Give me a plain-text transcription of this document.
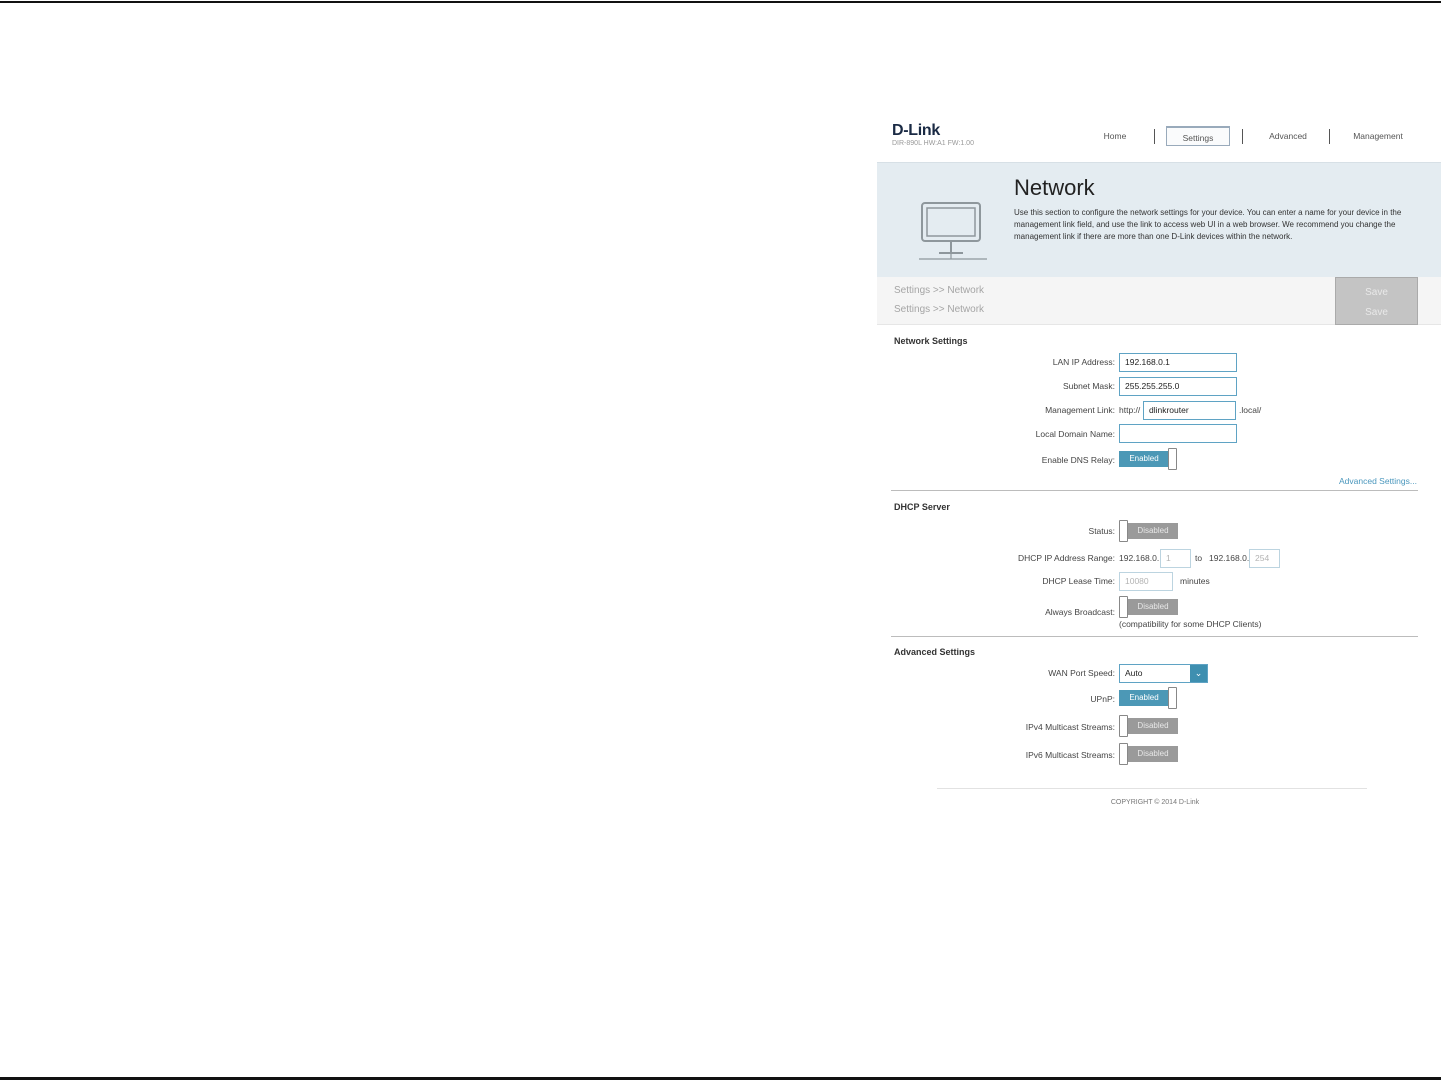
D-Link
DIR-890L HW:A1 FW:1.00
Home	Settings	Advanced	Management
Network
Use this section to configure the network settings for your device. You can enter a name for your device in the management link field, and use the link to access web UI in a web browser. We recommend you change the management link if there are more than one D-Link devices within the network.
Settings >> Network
Settings >> Network
Save
Save
Network Settings
LAN IP Address:	192.168.0.1
Subnet Mask:	255.255.255.0
Management Link: http://	dlinkrouter	.local/
Local Domain Name:
Enable DNS Relay:	Enabled
Advanced Settings...
DHCP Server
Status:	Disabled
DHCP IP Address Range: 192.168.0. 1	to 192.168.0. 254
DHCP Lease Time:	10080	minutes
Always Broadcast:
Disabled
(compatibility for some DHCP Clients)
Advanced Settings
WAN Port Speed:	Auto	⌄
UPnP:	Enabled
IPv4 Multicast Streams:	Disabled
IPv6 Multicast Streams:	Disabled
COPYRIGHT © 2014 D-Link
